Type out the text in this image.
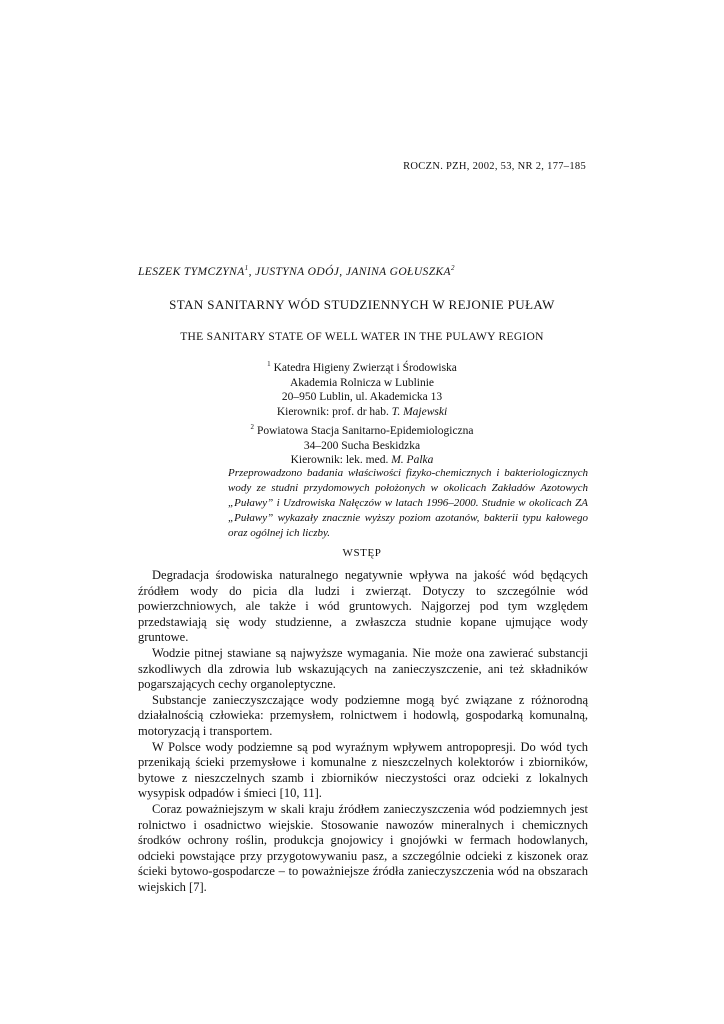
ROCZN. PZH, 2002, 53, NR 2, 177–185
LESZEK TYMCZYNA$^1$, JUSTYNA ODÓJ, JANINA GOŁUSZKA$^2$
STAN SANITARNY WÓD STUDZIENNYCH W REJONIE PUŁAW
THE SANITARY STATE OF WELL WATER IN THE PULAWY REGION
$^1$ Katedra Higieny Zwierząt i Środowiska
Akademia Rolnicza w Lublinie
20–950 Lublin, ul. Akademicka 13
Kierownik: prof. dr hab. T. Majewski
$^2$ Powiatowa Stacja Sanitarno-Epidemiologiczna
34–200 Sucha Beskidzka
Kierownik: lek. med. M. Palka
Przeprowadzono badania właściwości fizyko-chemicznych i bakteriologicznych wody ze studni przydomowych położonych w okolicach Zakładów Azotowych „Puławy” i Uzdrowiska Nałęczów w latach 1996–2000. Studnie w okolicach ZA „Puławy” wykazały znacznie wyższy poziom azotanów, bakterii typu kałowego oraz ogólnej ich liczby.
WSTĘP

Degradacja środowiska naturalnego negatywnie wpływa na jakość wód będących źródłem wody do picia dla ludzi i zwierząt. Dotyczy to szczególnie wód powierzchniowych, ale także i wód gruntowych. Najgorzej pod tym względem przedstawiają się wody studzienne, a zwłaszcza studnie kopane ujmujące wody gruntowe.

Wodzie pitnej stawiane są najwyższe wymagania. Nie może ona zawierać substancji szkodliwych dla zdrowia lub wskazujących na zanieczyszczenie, ani też składników pogarszających cechy organoleptyczne.

Substancje zanieczyszczające wody podziemne mogą być związane z różnorodną działalnością człowieka: przemysłem, rolnictwem i hodowlą, gospodarką komunalną, motoryzacją i transportem.

W Polsce wody podziemne są pod wyraźnym wpływem antropopresji. Do wód tych przenikają ścieki przemysłowe i komunalne z nieszczelnych kolektorów i zbiorników, bytowe z nieszczelnych szamb i zbiorników nieczystości oraz odcieki z lokalnych wysypisk odpadów i śmieci [10, 11].

Coraz poważniejszym w skali kraju źródłem zanieczyszczenia wód podziemnych jest rolnictwo i osadnictwo wiejskie. Stosowanie nawozów mineralnych i chemicznych środków ochrony roślin, produkcja gnojowicy i gnojówki w fermach hodowlanych, odcieki powstające przy przygotowywaniu pasz, a szczególnie odcieki z kiszonek oraz ścieki bytowo-gospodarcze – to poważniejsze źródła zanieczyszczenia wód na obszarach wiejskich [7].
